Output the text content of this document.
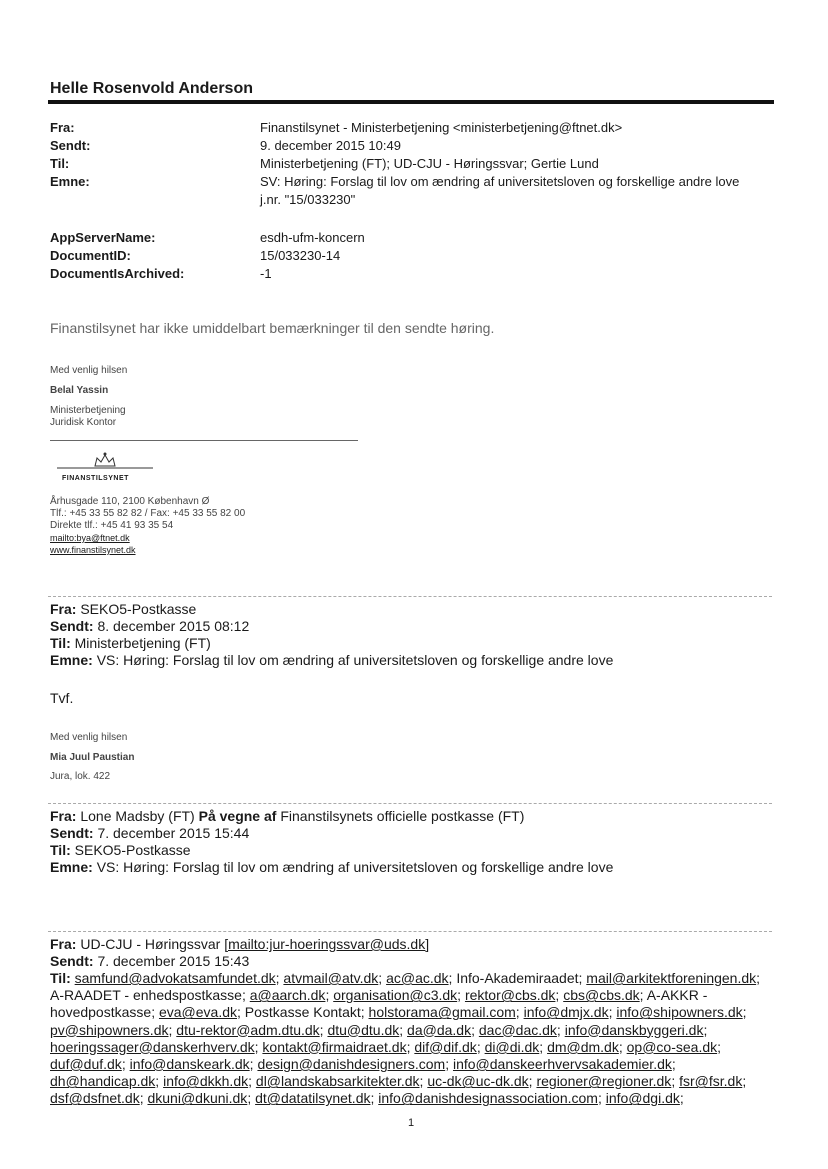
Helle Rosenvold Anderson
Fra:	Finanstilsynet - Ministerbetjening <ministerbetjening@ftnet.dk>
Sendt:	9. december 2015 10:49
Til:	Ministerbetjening (FT); UD-CJU - Høringssvar; Gertie Lund
Emne:	SV: Høring: Forslag til lov om ændring af universitetsloven og forskellige andre love
j.nr. "15/033230"
AppServerName:	esdh-ufm-koncern
DocumentID:	15/033230-14
DocumentIsArchived:	-1
Finanstilsynet har ikke umiddelbart bemærkninger til den sendte høring.
Med venlig hilsen
Belal Yassin
Ministerbetjening
Juridisk Kontor
FINANSTILSYNET
Århusgade 110, 2100 København Ø
Tlf.: +45 33 55 82 82 / Fax: +45 33 55 82 00
Direkte tlf.: +45 41 93 35 54
mailto:bya@ftnet.dk
www.finanstilsynet.dk
Fra: SEKO5-Postkasse
Sendt: 8. december 2015 08:12
Til: Ministerbetjening (FT)
Emne: VS: Høring: Forslag til lov om ændring af universitetsloven og forskellige andre love
Tvf.
Med venlig hilsen
Mia Juul Paustian
Jura, lok. 422
Fra: Lone Madsby (FT) På vegne af Finanstilsynets officielle postkasse (FT)
Sendt: 7. december 2015 15:44
Til: SEKO5-Postkasse
Emne: VS: Høring: Forslag til lov om ændring af universitetsloven og forskellige andre love
Fra: UD-CJU - Høringssvar [mailto:jur-hoeringssvar@uds.dk]
Sendt: 7. december 2015 15:43
Til: samfund@advokatsamfundet.dk; atvmail@atv.dk; ac@ac.dk; Info-Akademiraadet; mail@arkitektforeningen.dk; A-RAADET - enhedspostkasse; a@aarch.dk; organisation@c3.dk; rektor@cbs.dk; cbs@cbs.dk; A-AKKR - hovedpostkasse; eva@eva.dk; Postkasse Kontakt; holstorama@gmail.com; info@dmjx.dk; info@shipowners.dk; pv@shipowners.dk; dtu-rektor@adm.dtu.dk; dtu@dtu.dk; da@da.dk; dac@dac.dk; info@danskbyggeri.dk; hoeringssager@danskerhverv.dk; kontakt@firmaidraet.dk; dif@dif.dk; di@di.dk; dm@dm.dk; op@co-sea.dk; duf@duf.dk; info@danskeark.dk; design@danishdesigners.com; info@danskeerhvervsakademier.dk; dh@handicap.dk; info@dkkh.dk; dl@landskabsarkitekter.dk; uc-dk@uc-dk.dk; regioner@regioner.dk; fsr@fsr.dk; dsf@dsfnet.dk; dkuni@dkuni.dk; dt@datatilsynet.dk; info@danishdesignassociation.com; info@dgi.dk;
1
